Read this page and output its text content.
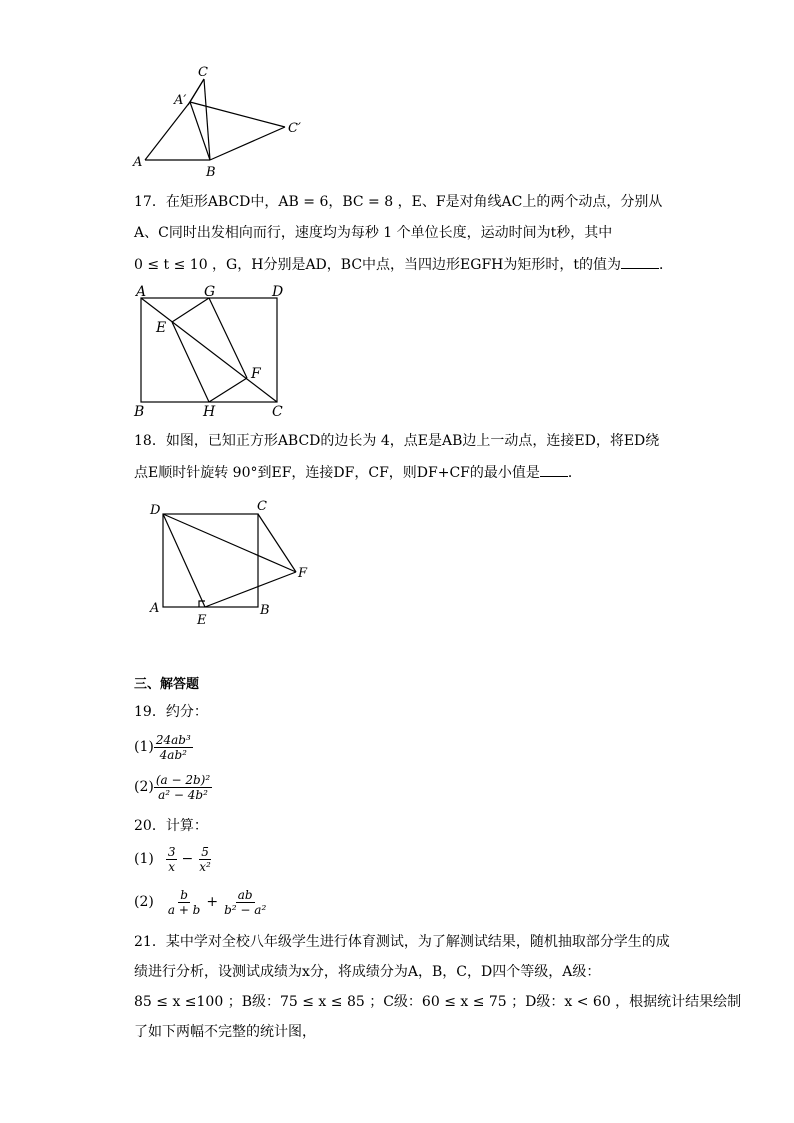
A
A′
C
C′
B
17．在矩形ABCD中，AB = 6，BC = 8 ，E、F是对角线AC上的两个动点，分别从
A、C同时出发相向而行，速度均为每秒 1 个单位长度，运动时间为t秒，其中
0 ≤ t ≤ 10 ，G，H分别是AD，BC中点，当四边形EGFH为矩形时，t的值为	．
A	G	D
E
F
B	H	C
18．如图，已知正方形ABCD的边长为 4，点E是AB边上一动点，连接ED，将ED绕
点E顺时针旋转 90°到EF，连接DF，CF，则DF+CF的最小值是 ．
D	C
F
A
E
B
三、解答题
19．约分：
$(1) \frac{\text{24ab³}}{\text{4ab²}}$
$(2) \frac{\text{(a − 2b)²}}{\text{a² − 4b²}}$
20．计算：
$(1) \frac{3}{x} - \frac{5}{\text{x²}}$
$(2) \frac{b}{a + b} + \frac{ab}{\text{b² − a²}}$
21．某中学对全校八年级学生进行体育测试，为了解测试结果，随机抽取部分学生的成
绩进行分析，设测试成绩为x分，将成绩分为A，B，C，D四个等级，A级：
85 ≤ x ≤100 ；B级：75 ≤ x ≤ 85 ；C级：60 ≤ x ≤ 75 ；D级：x < 60 ，根据统计结果绘制
了如下两幅不完整的统计图，
